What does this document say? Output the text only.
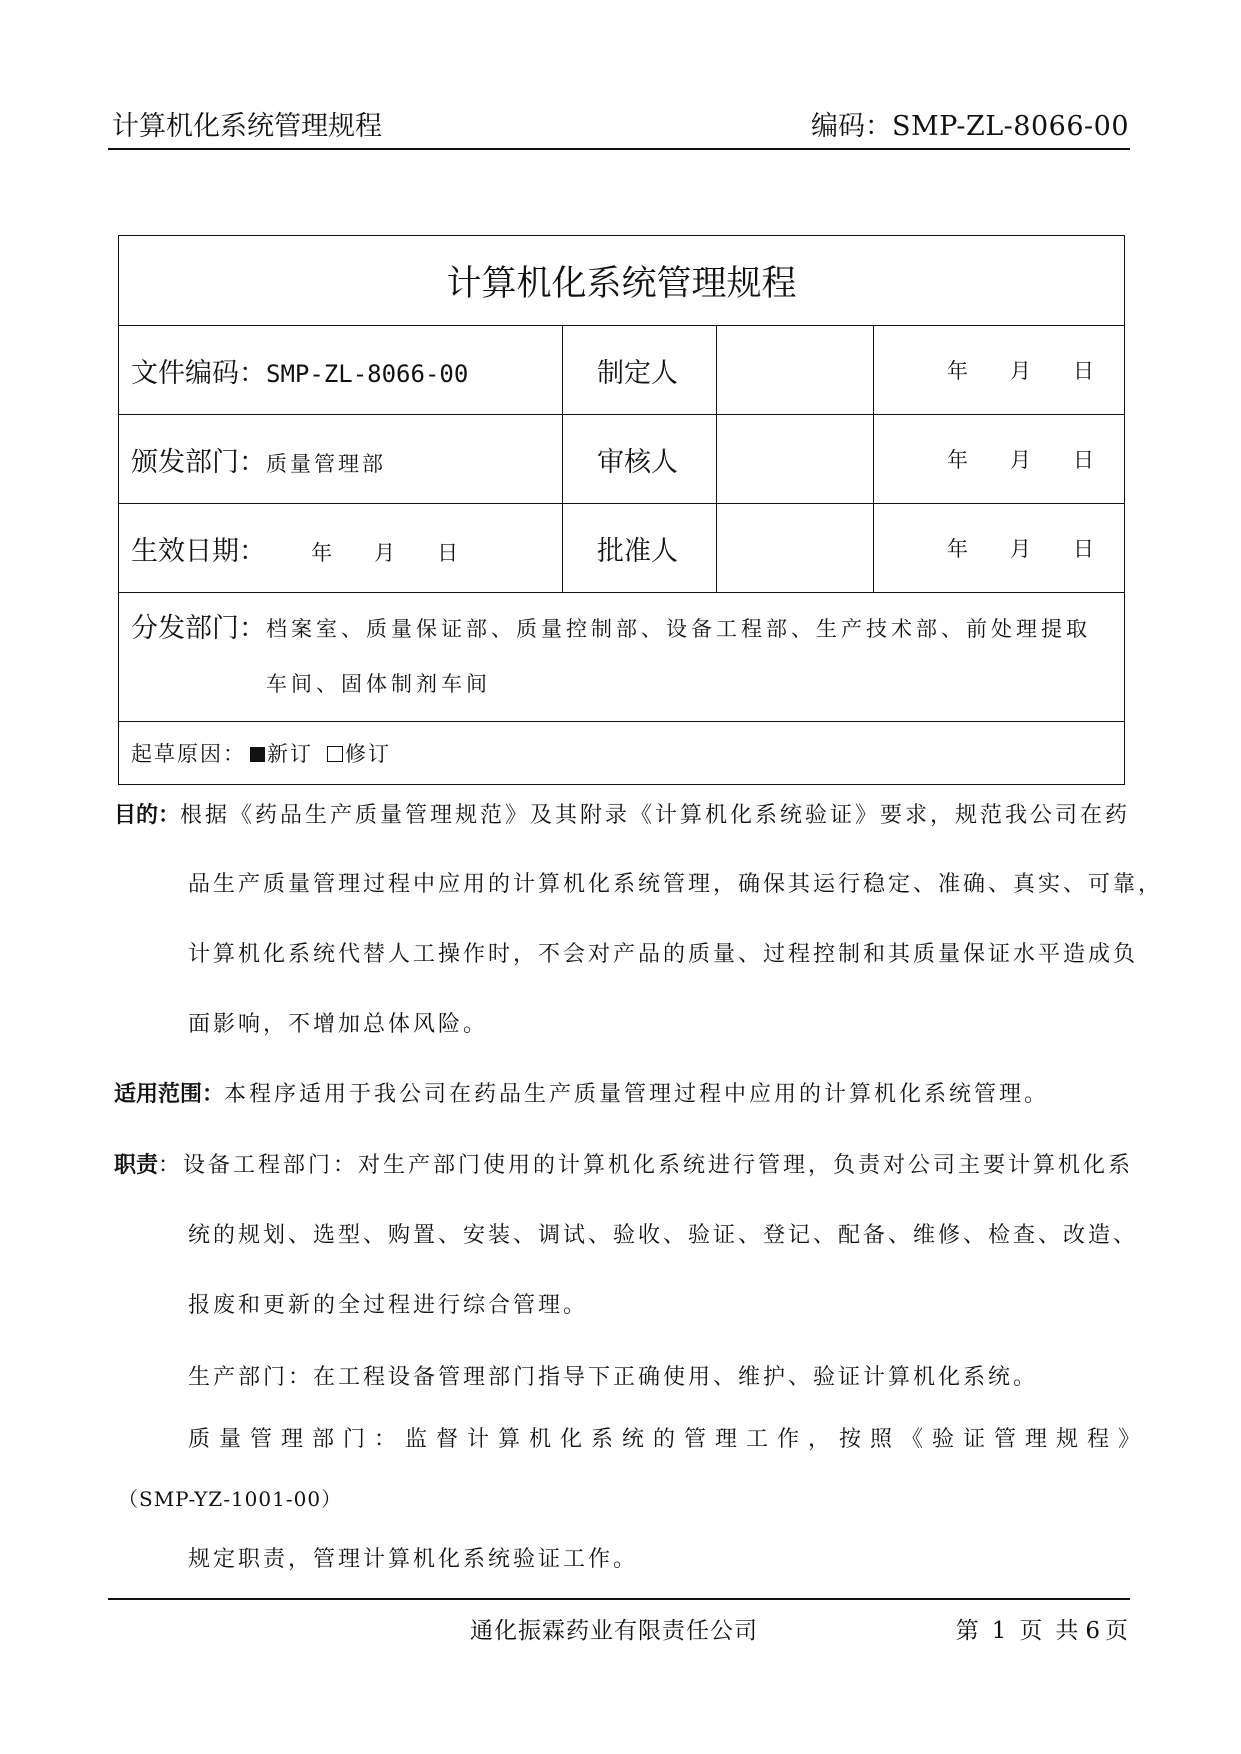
计算机化系统管理规程	编码：SMP-ZL-8066-00
计算机化系统管理规程			
文件编码：SMP-ZL-8066-00	制定人		年 月 日
颁发部门：质量管理部	审核人		年 月 日
生效日期： 年 月 日	批准人		年 月 日

分发部门： 档案室、质量保证部、质量控制部、设备工程部、生产技术部、前处理提取
车间、固体制剂车间			

起草原因： 新订 修订			
目的：根据《药品生产质量管理规范》及其附录《计算机化系统验证》要求，规范我公司在药
品生产质量管理过程中应用的计算机化系统管理，确保其运行稳定、准确、真实、可靠，
计算机化系统代替人工操作时，不会对产品的质量、过程控制和其质量保证水平造成负
面影响，不增加总体风险。
适用范围：本程序适用于我公司在药品生产质量管理过程中应用的计算机化系统管理。
职责：设备工程部门：对生产部门使用的计算机化系统进行管理，负责对公司主要计算机化系
统的规划、选型、购置、安装、调试、验收、验证、登记、配备、维修、检查、改造、
报废和更新的全过程进行综合管理。
生产部门：在工程设备管理部门指导下正确使用、维护、验证计算机化系统。
质量管理部门：监督计算机化系统的管理工作，按照《验证管理规程》
（SMP-YZ-1001-00）
规定职责，管理计算机化系统验证工作。
通化振霖药业有限责任公司	第 1 页 共 6 页
